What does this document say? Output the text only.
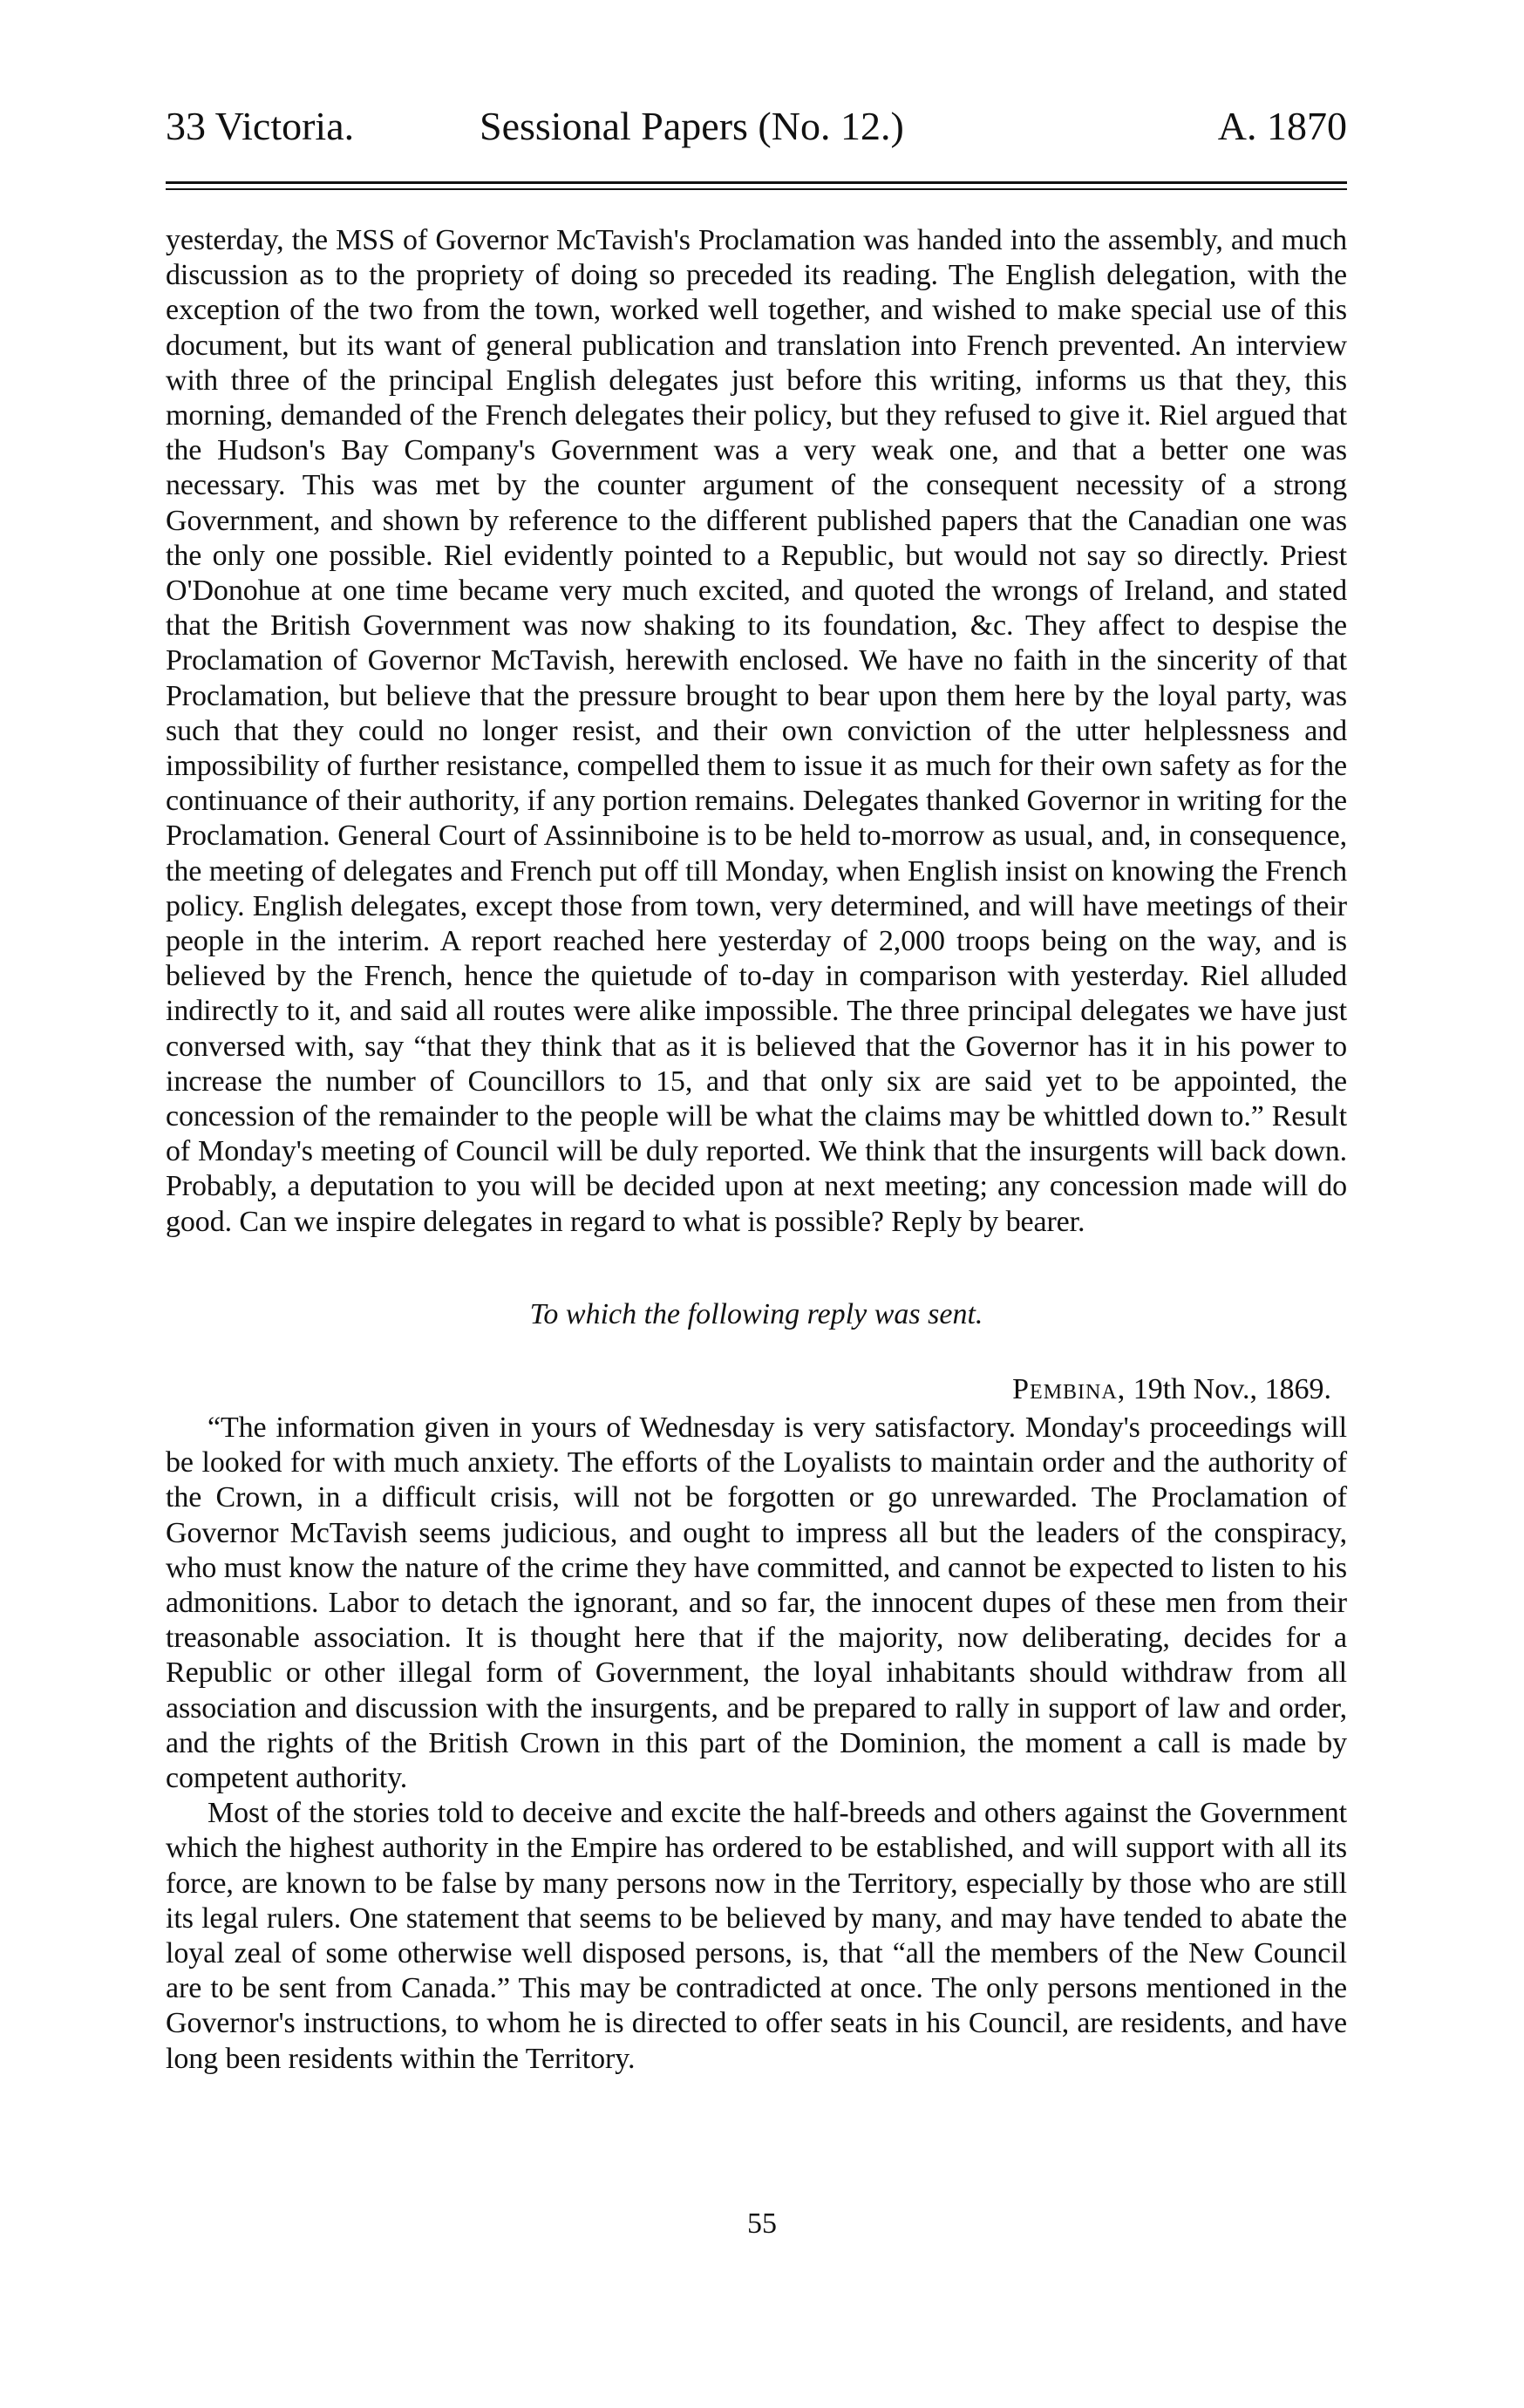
33 Victoria.	Sessional Papers (No. 12.)	A. 1870

yesterday, the MSS of Governor McTavish's Proclamation was handed into the assembly, and much discussion as to the propriety of doing so preceded its reading. The English delegation, with the exception of the two from the town, worked well together, and wished to make special use of this document, but its want of general publication and translation into French prevented. An interview with three of the principal English delegates just before this writing, informs us that they, this morning, demanded of the French delegates their policy, but they refused to give it. Riel argued that the Hudson's Bay Company's Government was a very weak one, and that a better one was necessary. This was met by the counter argument of the consequent necessity of a strong Government, and shown by reference to the different published papers that the Canadian one was the only one possible. Riel evidently pointed to a Republic, but would not say so directly. Priest O'Donohue at one time became very much excited, and quoted the wrongs of Ireland, and stated that the British Government was now shaking to its foundation, &c. They affect to despise the Proclamation of Governor McTavish, herewith enclosed. We have no faith in the sincerity of that Proclamation, but believe that the pressure brought to bear upon them here by the loyal party, was such that they could no longer resist, and their own conviction of the utter helplessness and impossibility of further resistance, compelled them to issue it as much for their own safety as for the continuance of their authority, if any portion remains. Delegates thanked Governor in writing for the Proclamation. General Court of Assinniboine is to be held to-morrow as usual, and, in consequence, the meeting of delegates and French put off till Monday, when English insist on knowing the French policy. English delegates, except those from town, very determined, and will have meetings of their people in the interim. A report reached here yesterday of 2,000 troops being on the way, and is believed by the French, hence the quietude of to-day in comparison with yesterday. Riel alluded indirectly to it, and said all routes were alike impossible. The three principal delegates we have just conversed with, say “that they think that as it is believed that the Governor has it in his power to increase the number of Councillors to 15, and that only six are said yet to be appointed, the concession of the remainder to the people will be what the claims may be whittled down to.” Result of Monday's meeting of Council will be duly reported. We think that the insurgents will back down. Probably, a deputation to you will be decided upon at next meeting; any concession made will do good. Can we inspire delegates in regard to what is possible? Reply by bearer.

To which the following reply was sent.

Pembina, 19th Nov., 1869.

“The information given in yours of Wednesday is very satisfactory. Monday's proceedings will be looked for with much anxiety. The efforts of the Loyalists to maintain order and the authority of the Crown, in a difficult crisis, will not be forgotten or go unrewarded. The Proclamation of Governor McTavish seems judicious, and ought to impress all but the leaders of the conspiracy, who must know the nature of the crime they have committed, and cannot be expected to listen to his admonitions. Labor to detach the ignorant, and so far, the innocent dupes of these men from their treasonable association. It is thought here that if the majority, now deliberating, decides for a Republic or other illegal form of Government, the loyal inhabitants should withdraw from all association and discussion with the insurgents, and be prepared to rally in support of law and order, and the rights of the British Crown in this part of the Dominion, the moment a call is made by competent authority.

Most of the stories told to deceive and excite the half-breeds and others against the Government which the highest authority in the Empire has ordered to be established, and will support with all its force, are known to be false by many persons now in the Territory, especially by those who are still its legal rulers. One statement that seems to be believed by many, and may have tended to abate the loyal zeal of some otherwise well disposed persons, is, that “all the members of the New Council are to be sent from Canada.” This may be contradicted at once. The only persons mentioned in the Governor's instructions, to whom he is directed to offer seats in his Council, are residents, and have long been residents within the Territory.

55
